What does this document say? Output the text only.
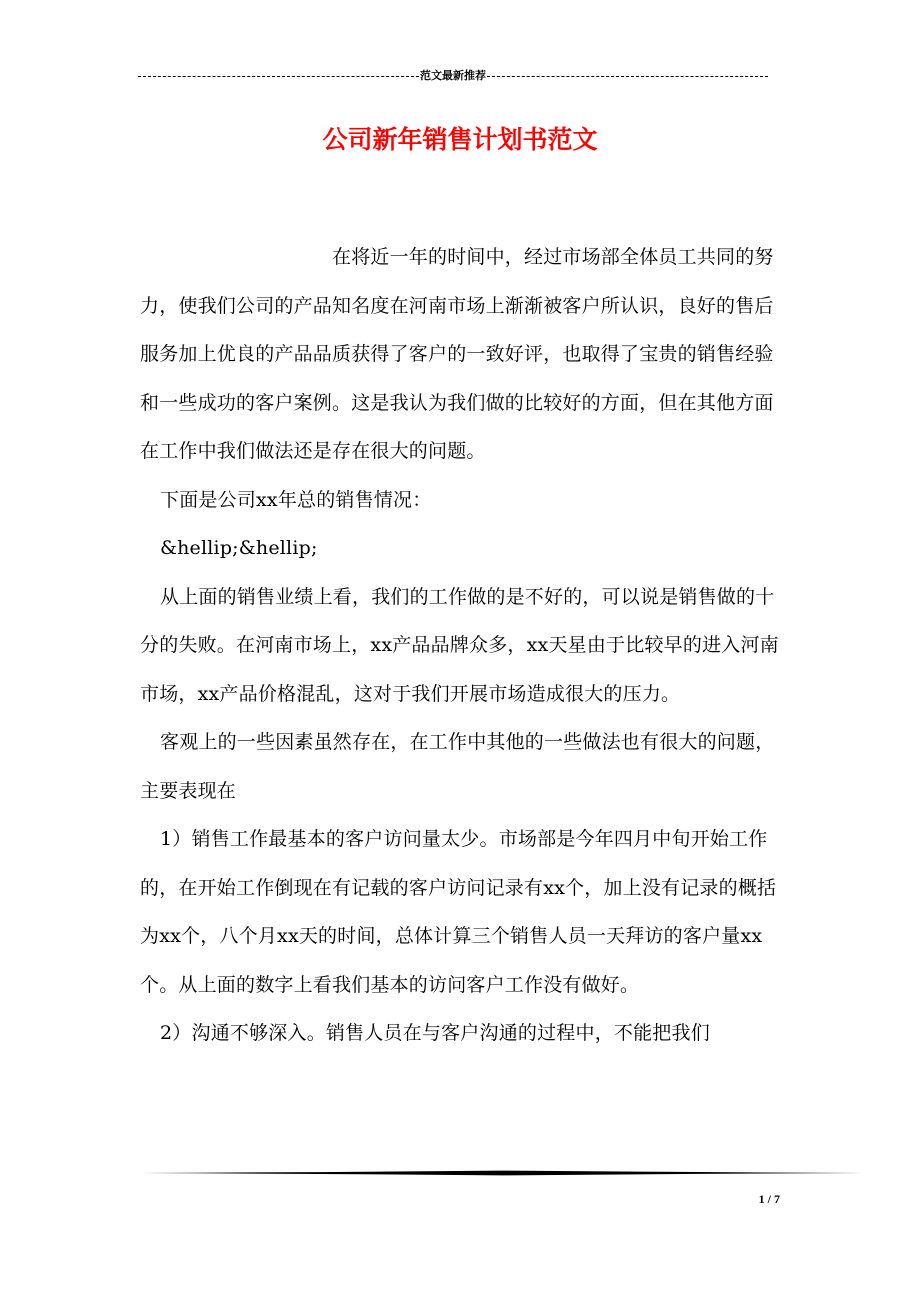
范文最新推荐
公司新年销售计划书范文

在将近一年的时间中，经过市场部全体员工共同的努力，使我们公司的产品知名度在河南市场上渐渐被客户所认识，良好的售后服务加上优良的产品品质获得了客户的一致好评，也取得了宝贵的销售经验和一些成功的客户案例。这是我认为我们做的比较好的方面，但在其他方面在工作中我们做法还是存在很大的问题。

下面是公司xx年总的销售情况：

&hellip;&hellip;

从上面的销售业绩上看，我们的工作做的是不好的，可以说是销售做的十分的失败。在河南市场上，xx产品品牌众多，xx天星由于比较早的进入河南市场，xx产品价格混乱，这对于我们开展市场造成很大的压力。

客观上的一些因素虽然存在，在工作中其他的一些做法也有很大的问题，主要表现在

1）销售工作最基本的客户访问量太少。市场部是今年四月中旬开始工作的，在开始工作倒现在有记载的客户访问记录有xx个，加上没有记录的概括为xx个，八个月xx天的时间，总体计算三个销售人员一天拜访的客户量xx个。从上面的数字上看我们基本的访问客户工作没有做好。

2）沟通不够深入。销售人员在与客户沟通的过程中，不能把我们

1 / 7
